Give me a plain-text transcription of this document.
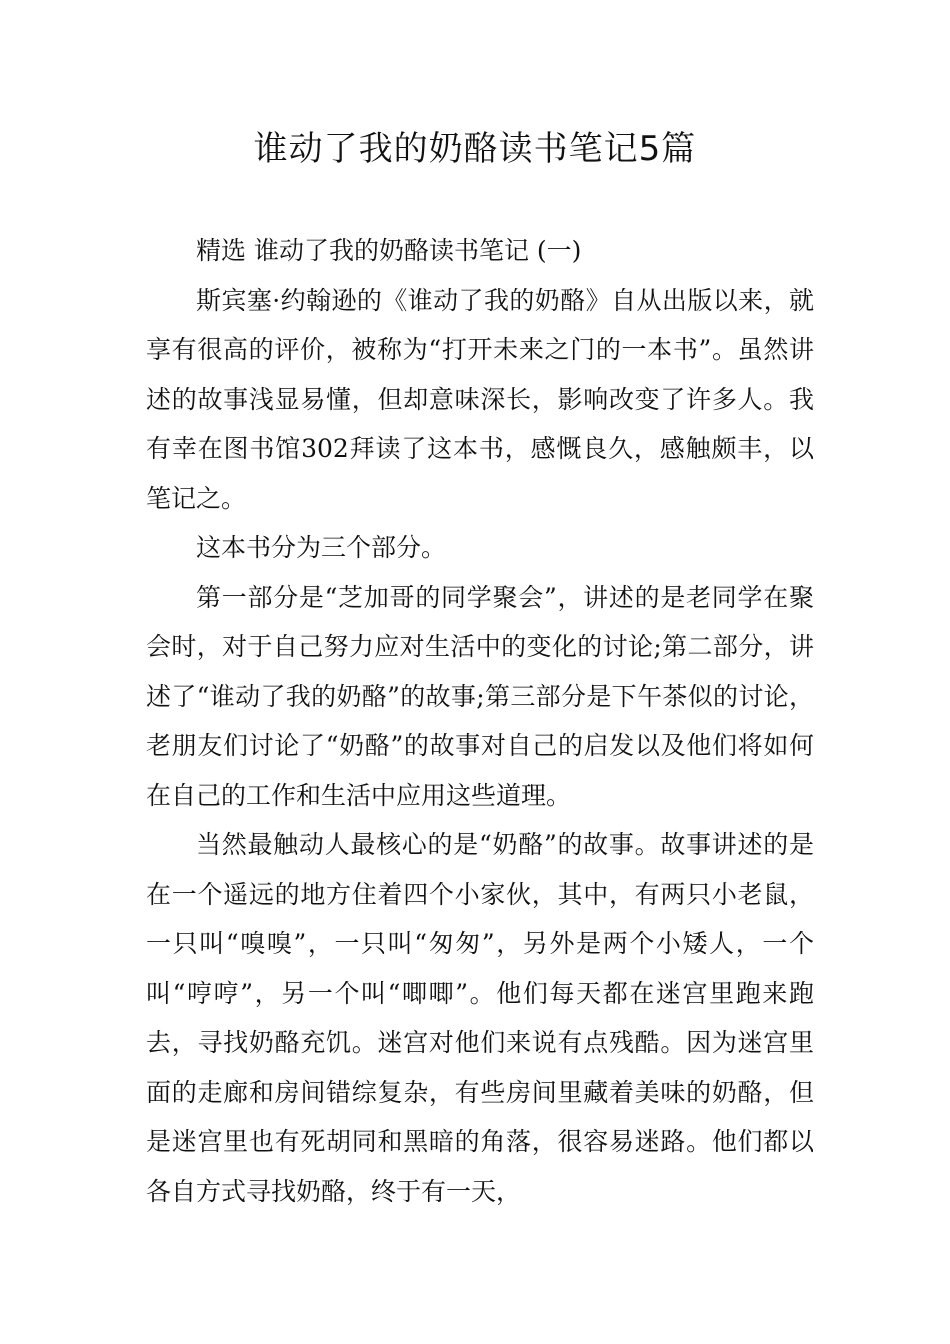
谁动了我的奶酪读书笔记5篇

精选 谁动了我的奶酪读书笔记 (一)

斯宾塞·约翰逊的《谁动了我的奶酪》自从出版以来，就享有很高的评价，被称为“打开未来之门的一本书”。虽然讲述的故事浅显易懂，但却意味深长，影响改变了许多人。我有幸在图书馆302拜读了这本书，感慨良久，感触颇丰，以笔记之。

这本书分为三个部分。

第一部分是“芝加哥的同学聚会”，讲述的是老同学在聚会时，对于自己努力应对生活中的变化的讨论;第二部分，讲述了“谁动了我的奶酪”的故事;第三部分是下午茶似的讨论，老朋友们讨论了“奶酪”的故事对自己的启发以及他们将如何在自己的工作和生活中应用这些道理。

当然最触动人最核心的是“奶酪”的故事。故事讲述的是在一个遥远的地方住着四个小家伙，其中，有两只小老鼠，一只叫“嗅嗅”，一只叫“匆匆”，另外是两个小矮人，一个叫“哼哼”，另一个叫“唧唧”。他们每天都在迷宫里跑来跑去，寻找奶酪充饥。迷宫对他们来说有点残酷。因为迷宫里面的走廊和房间错综复杂，有些房间里藏着美味的奶酪，但是迷宫里也有死胡同和黑暗的角落，很容易迷路。他们都以各自方式寻找奶酪，终于有一天，
